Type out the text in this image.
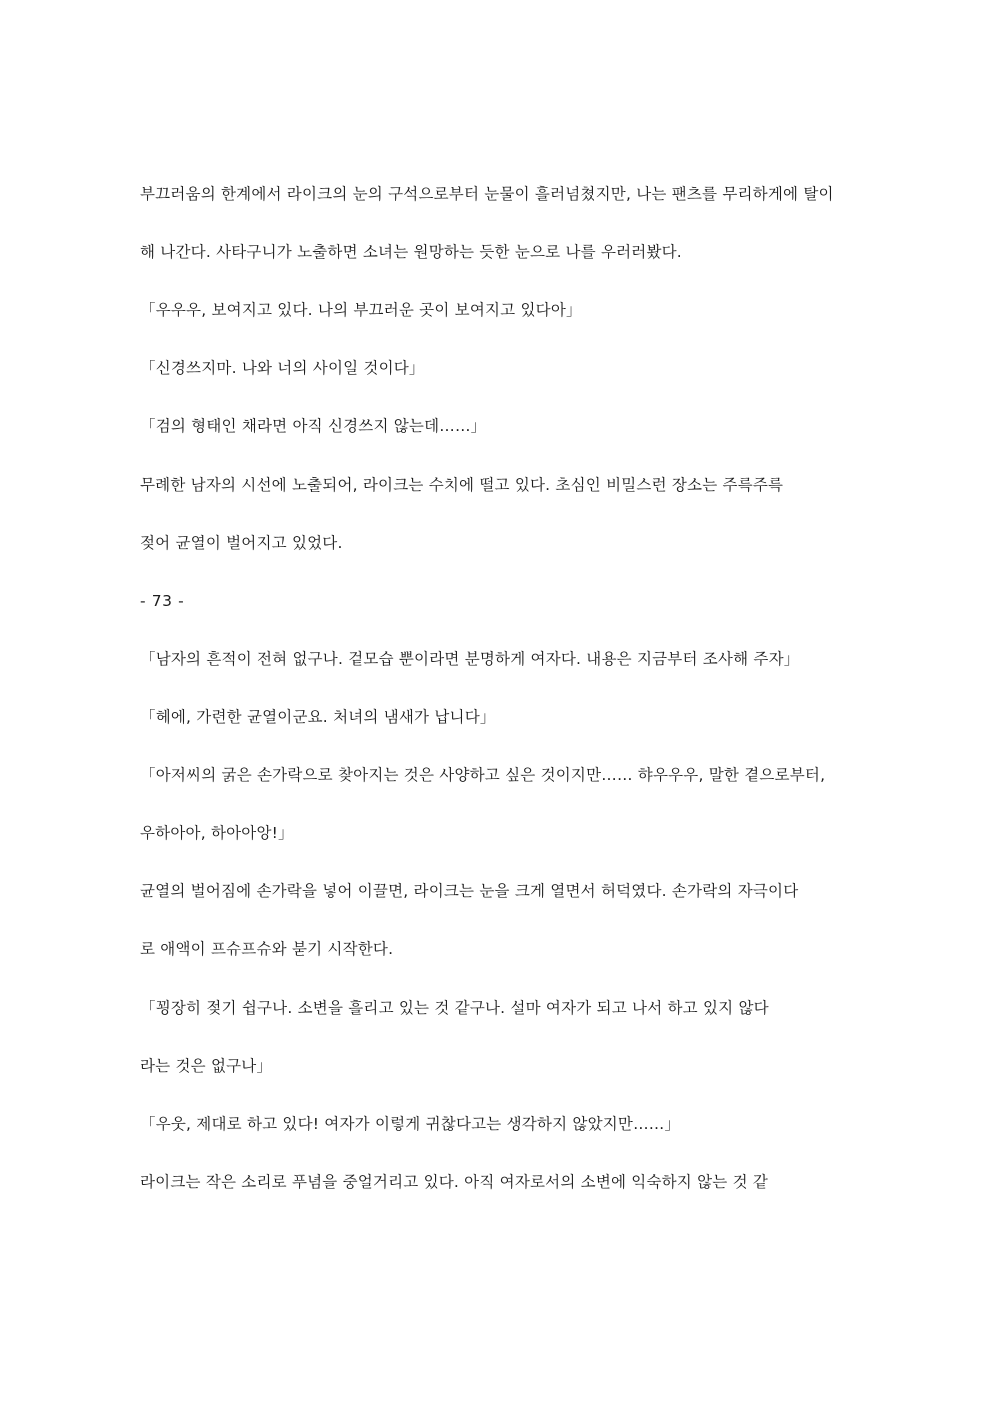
부끄러움의 한계에서 라이크의 눈의 구석으로부터 눈물이 흘러넘쳤지만, 나는 팬츠를 무리하게에 탈이

해 나간다. 사타구니가 노출하면 소녀는 원망하는 듯한 눈으로 나를 우러러봤다.

「우우우, 보여지고 있다. 나의 부끄러운 곳이 보여지고 있다아」

「신경쓰지마. 나와 너의 사이일 것이다」

「검의 형태인 채라면 아직 신경쓰지 않는데……」

무례한 남자의 시선에 노출되어, 라이크는 수치에 떨고 있다. 초심인 비밀스런 장소는 주륵주륵

젖어 균열이 벌어지고 있었다.

- 73 -

「남자의 흔적이 전혀 없구나. 겉모습 뿐이라면 분명하게 여자다. 내용은 지금부터 조사해 주자」

「헤에, 가련한 균열이군요. 처녀의 냄새가 납니다」

「아저씨의 굵은 손가락으로 찾아지는 것은 사양하고 싶은 것이지만…… 햐우우우, 말한 곁으로부터,

우하아아, 하아아앙!」

균열의 벌어짐에 손가락을 넣어 이끌면, 라이크는 눈을 크게 열면서 허덕였다. 손가락의 자극이다

로 애액이 프슈프슈와 붇기 시작한다.

「꾕장히 젖기 쉽구나. 소변을 흘리고 있는 것 같구나. 설마 여자가 되고 나서 하고 있지 않다

라는 것은 없구나」

「우웃, 제대로 하고 있다! 여자가 이렇게 귀찮다고는 생각하지 않았지만……」

라이크는 작은 소리로 푸념을 중얼거리고 있다. 아직 여자로서의 소변에 익숙하지 않는 것 같
